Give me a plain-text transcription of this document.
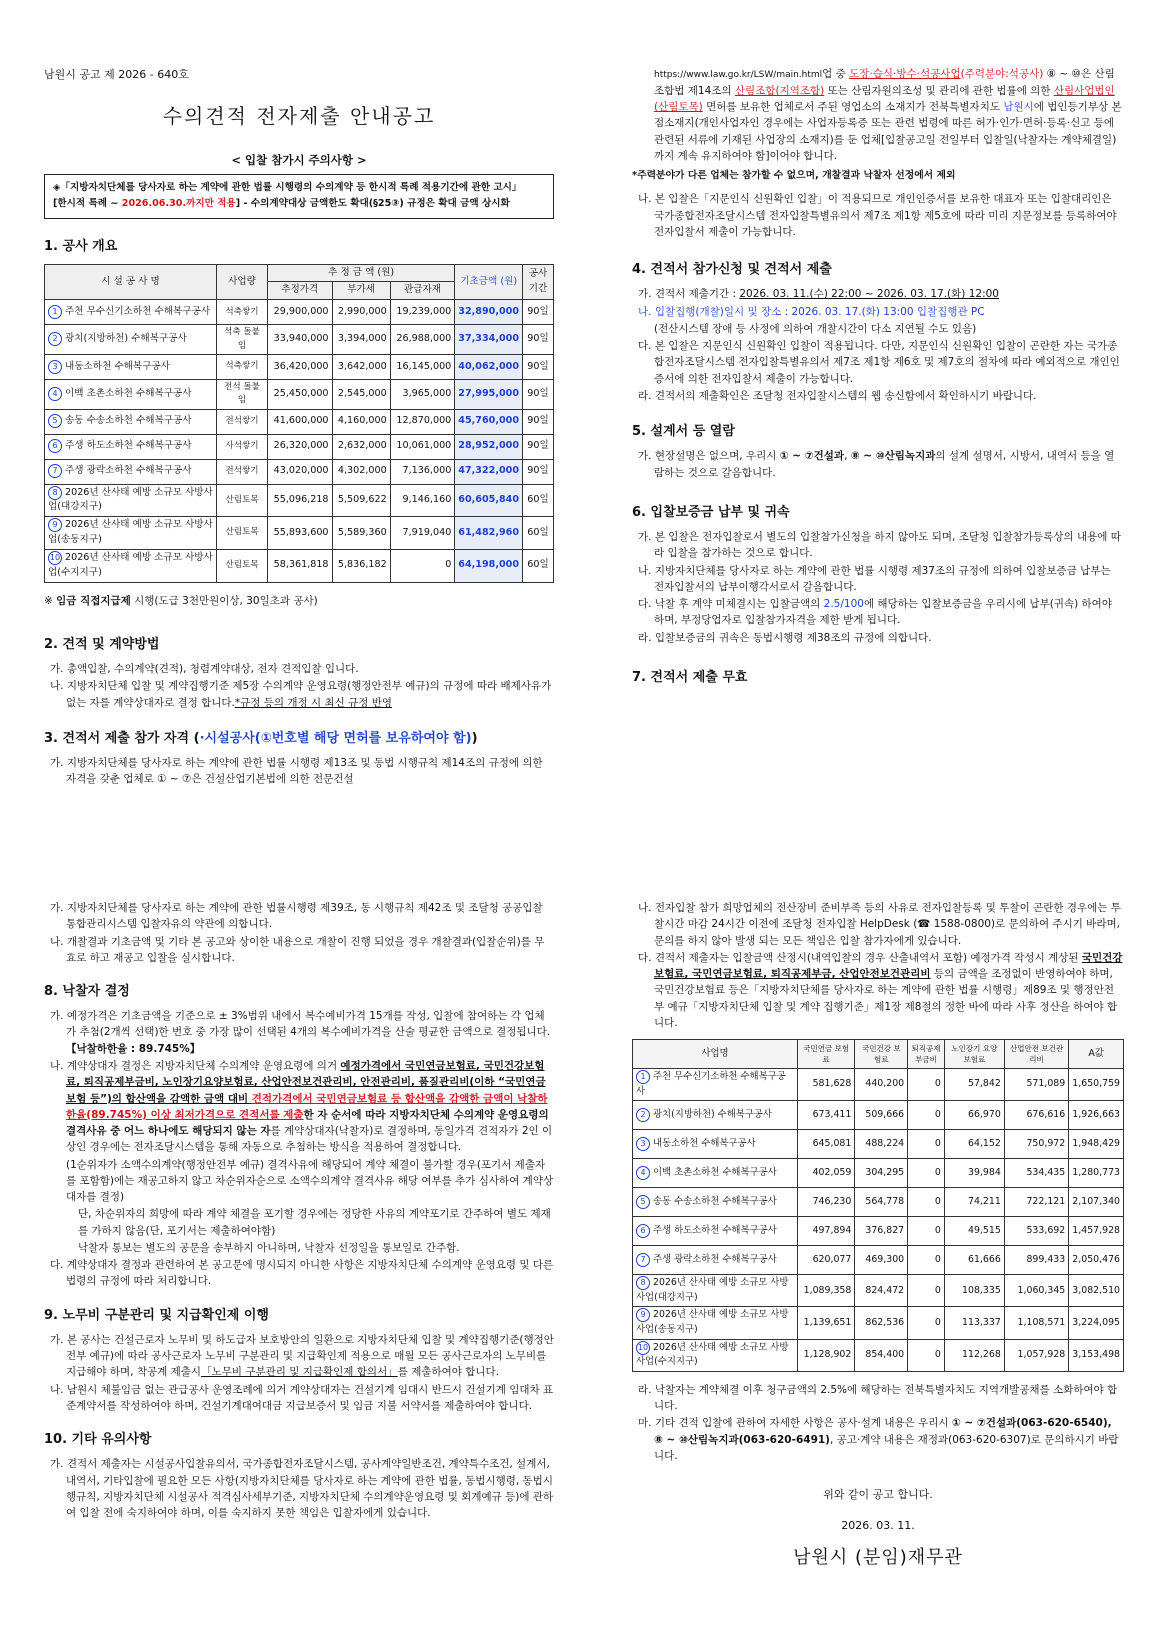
남원시 공고 제 2026 - 640호
수의견적 전자제출 안내공고
< 입찰 참가시 주의사항 >
◈「지방자치단체를 당사자로 하는 계약에 관한 법률 시행령의 수의계약 등 한시적 특례 적용기간에 관한 고시」
[한시적 특례 ~ 2026.06.30.까지만 적용] - 수의계약대상 금액한도 확대(§25③) 규정은 확대 금액 상시화
1. 공사 개요
시 설 공 사 명	사업량	추 정 금 액 (원)			기초금액 (원)	공사 기간
		추정가격	부가세	관급자재		
1 주천 무수신기소하천 수해복구공사	석축쌓기	29,900,000	2,990,000	19,239,000	32,890,000	90일
2 광치(지방하천) 수해복구공사	석축 돌붙임	33,940,000	3,394,000	26,988,000	37,334,000	90일
3 내동소하천 수해복구공사	석축쌓기	36,420,000	3,642,000	16,145,000	40,062,000	90일
4 이백 초촌소하천 수해복구공사	전석 돌붙임	25,450,000	2,545,000	3,965,000	27,995,000	90일
5 송동 수송소하천 수해복구공사	전석쌓기	41,600,000	4,160,000	12,870,000	45,760,000	90일
6 주생 하도소하천 수해복구공사	사석쌓기	26,320,000	2,632,000	10,061,000	28,952,000	90일
7 주생 광락소하천 수해복구공사	전석쌓기	43,020,000	4,302,000	7,136,000	47,322,000	90일
8 2026년 산사태 예방 소규모 사방사업(대강지구)	산림토목	55,096,218	5,509,622	9,146,160	60,605,840	60일
9 2026년 산사태 예방 소규모 사방사업(송동지구)	산림토목	55,893,600	5,589,360	7,919,040	61,482,960	60일
10 2026년 산사태 예방 소규모 사방사업(수지지구)	산림토목	58,361,818	5,836,182	0	64,198,000	60일
※ 임금 직접지급제 시행(도급 3천만원이상, 30일초과 공사)
2. 견적 및 계약방법
가. 총액입찰, 수의계약(견적), 청렴계약대상, 전자 견적입찰 입니다.
나. 지방자치단체 입찰 및 계약집행기준 제5장 수의계약 운영요령(행정안전부 예규)의 규정에 따라 배제사유가 없는 자를 계약상대자로 결정 합니다.*규정 등의 개정 시 최신 규정 반영
3. 견적서 제출 참가 자격 (·시설공사(①번호별 해당 면허를 보유하여야 함))
가. 지방자치단체를 당사자로 하는 계약에 관한 법률 시행령 제13조 및 동법 시행규칙 제14조의 규정에 의한 자격을 갖춘 업체로 ① ~ ⑦은 건설산업기본법에 의한 전문건설
https://www.law.go.kr/LSW/main.html업 중 도장·습식·방수·석공사업(주력분야:석공사) ⑧ ~ ⑩은 산림조합법 제14조의 산림조합(지역조합) 또는 산림자원의조성 및 관리에 관한 법률에 의한 산림사업법인(산림토목) 면허를 보유한 업체로서 주된 영업소의 소재지가 전북특별자치도 남원시에 법인등기부상 본점소재지(개인사업자인 경우에는 사업자등록증 또는 관련 법령에 따른 허가·인가·면허·등록·신고 등에 관련된 서류에 기재된 사업장의 소재지)를 둔 업체[입찰공고일 전일부터 입찰일(낙찰자는 계약체결일)까지 계속 유지하여야 함]이어야 합니다.
*주력분야가 다른 업체는 참가할 수 없으며, 개찰결과 낙찰자 선정에서 제외
나. 본 입찰은「지문인식 신원확인 입찰」이 적용되므로 개인인증서를 보유한 대표자 또는 입찰대리인은 국가종합전자조달시스템 전자입찰특별유의서 제7조 제1항 제5호에 따라 미리 지문정보를 등록하여야 전자입찰서 제출이 가능합니다.
4. 견적서 참가신청 및 견적서 제출
가. 견적서 제출기간 : 2026. 03. 11.(수) 22:00 ~ 2026. 03. 17.(화) 12:00
나. 입찰집행(개찰)일시 및 장소 : 2026. 03. 17.(화) 13:00 입찰집행관 PC
(전산시스템 장애 등 사정에 의하여 개찰시간이 다소 지연될 수도 있음)
다. 본 입찰은 지문인식 신원확인 입찰이 적용됩니다. 다만, 지문인식 신원확인 입찰이 곤란한 자는 국가종합전자조달시스템 전자입찰특별유의서 제7조 제1항 제6호 및 제7호의 절차에 따라 예외적으로 개인인증서에 의한 전자입찰서 제출이 가능합니다.
라. 견적서의 제출확인은 조달청 전자입찰시스템의 웹 송신함에서 확인하시기 바랍니다.
5. 설계서 등 열람
가. 현장설명은 없으며, 우리시 ① ~ ⑦건설과, ⑧ ~ ⑩산림녹지과의 설계 설명서, 시방서, 내역서 등을 열람하는 것으로 갈음합니다.
6. 입찰보증금 납부 및 귀속
가. 본 입찰은 전자입찰로서 별도의 입찰참가신청을 하지 않아도 되며, 조달청 입찰참가등록상의 내용에 따라 입찰을 참가하는 것으로 합니다.
나. 지방자치단체를 당사자로 하는 계약에 관한 법률 시행령 제37조의 규정에 의하여 입찰보증금 납부는 전자입찰서의 납부이행각서로서 갈음합니다.
다. 낙찰 후 계약 미체결시는 입찰금액의 2.5/100에 해당하는 입찰보증금을 우리시에 납부(귀속) 하여야 하며, 부정당업자로 입찰참가자격을 제한 받게 됩니다.
라. 입찰보증금의 귀속은 동법시행령 제38조의 규정에 의합니다.
7. 견적서 제출 무효
가. 지방자치단체를 당사자로 하는 계약에 관한 법률시행령 제39조, 동 시행규칙 제42조 및 조달청 공공입찰 통합관리시스템 입찰자유의 약관에 의합니다.
나. 개찰결과 기초금액 및 기타 본 공고와 상이한 내용으로 개찰이 진행 되었을 경우 개찰결과(입찰순위)를 무효로 하고 재공고 입찰을 실시합니다.
8. 낙찰자 결정
가. 예정가격은 기초금액을 기준으로 ± 3%범위 내에서 복수예비가격 15개를 작성, 입찰에 참여하는 각 업체가 추첨(2개씩 선택)한 번호 중 가장 많이 선택된 4개의 복수예비가격을 산술 평균한 금액으로 결정됩니다.【낙찰하한율 : 89.745%】
나. 계약상대자 결정은 지방자치단체 수의계약 운영요령에 의거 예정가격에서 국민연금보험료, 국민건강보험료, 퇴직공제부금비, 노인장기요양보험료, 산업안전보건관리비, 안전관리비, 품질관리비(이하 “국민연금보험 등”)의 합산액을 감액한 금액 대비 견적가격에서 국민연금보험료 등 합산액을 감액한 금액이 낙찰하한율(89.745%) 이상 최저가격으로 견적서를 제출한 자 순서에 따라 지방자치단체 수의계약 운영요령의 결격사유 중 어느 하나에도 해당되지 않는 자를 계약상대자(낙찰자)로 결정하며, 동일가격 견적자가 2인 이상인 경우에는 전자조달시스템을 통해 자동으로 추첨하는 방식을 적용하여 결정합니다.
(1순위자가 소액수의계약(행정안전부 예규) 결격사유에 해당되어 계약 체결이 불가할 경우(포기서 제출자를 포함함)에는 재공고하지 않고 차순위자순으로 소액수의계약 결격사유 해당 여부를 추가 심사하여 계약상대자를 결정)
단, 차순위자의 희망에 따라 계약 체결을 포기할 경우에는 정당한 사유의 계약포기로 간주하여 별도 제재를 가하지 않음(단, 포기서는 제출하여야함)
낙찰자 통보는 별도의 공문을 송부하지 아니하며, 낙찰자 선정일을 통보일로 간주함.
다. 계약상대자 결정과 관련하여 본 공고문에 명시되지 아니한 사항은 지방자치단체 수의계약 운영요령 및 다른 법령의 규정에 따라 처리합니다.
9. 노무비 구분관리 및 지급확인제 이행
가. 본 공사는 건설근로자 노무비 및 하도급자 보호방안의 일환으로 지방자치단체 입찰 및 계약집행기준(행정안전부 예규)에 따라 공사근로자 노무비 구분관리 및 지급확인제 적용으로 매월 모든 공사근로자의 노무비를 지급해야 하며, 착공계 제출시「노무비 구분관리 및 지급확인제 합의서」를 제출하여야 합니다.
나. 남원시 체불임금 없는 관급공사 운영조례에 의거 계약상대자는 건설기계 임대시 반드시 건설기계 임대차 표준계약서를 작성하여야 하며, 건설기계대여대금 지급보증서 및 임금 지불 서약서를 제출하여야 합니다.
10. 기타 유의사항
가. 견적서 제출자는 시설공사입찰유의서, 국가종합전자조달시스템, 공사계약일반조건, 계약특수조건, 설계서, 내역서, 기타입찰에 필요한 모든 사항(지방자치단체를 당사자로 하는 계약에 관한 법률, 동법시행령, 동법시행규칙, 지방자치단체 시설공사 적격심사세부기준, 지방자치단체 수의계약운영요령 및 회계예규 등)에 관하여 입찰 전에 숙지하여야 하며, 이를 숙지하지 못한 책임은 입찰자에게 있습니다.
나. 전자입찰 참가 희망업체의 전산장비 준비부족 등의 사유로 전자입찰등록 및 투찰이 곤란한 경우에는 투찰시간 마감 24시간 이전에 조달청 전자입찰 HelpDesk (☎ 1588-0800)로 문의하여 주시기 바라며, 문의를 하지 않아 발생 되는 모든 책임은 입찰 참가자에게 있습니다.
다. 견적서 제출자는 입찰금액 산정시(내역입찰의 경우 산출내역서 포함) 예정가격 작성시 계상된 국민건강보험료, 국민연금보험료, 퇴직공제부금, 산업안전보건관리비 등의 금액을 조정없이 반영하여야 하며, 국민건강보험료 등은「지방자치단체를 당사자로 하는 계약에 관한 법률 시행령」제89조 및 행정안전부 예규「지방자치단체 입찰 및 계약 집행기준」제1장 제8절의 정한 바에 따라 사후 정산을 하여야 합니다.
사업명	국민연금 보험료	국민건강 보험료	퇴직공제 부금비	노인장기 요양보험료	산업안전 보건관리비	A값
1 주천 무수신기소하천 수해복구공사	581,628	440,200	0	57,842	571,089	1,650,759
2 광치(지방하천) 수해복구공사	673,411	509,666	0	66,970	676,616	1,926,663
3 내동소하천 수해복구공사	645,081	488,224	0	64,152	750,972	1,948,429
4 이백 초촌소하천 수해복구공사	402,059	304,295	0	39,984	534,435	1,280,773
5 송동 수송소하천 수해복구공사	746,230	564,778	0	74,211	722,121	2,107,340
6 주생 하도소하천 수해복구공사	497,894	376,827	0	49,515	533,692	1,457,928
7 주생 광락소하천 수해복구공사	620,077	469,300	0	61,666	899,433	2,050,476
8 2026년 산사태 예방 소규모 사방사업(대강지구)	1,089,358	824,472	0	108,335	1,060,345	3,082,510
9 2026년 산사태 예방 소규모 사방사업(송동지구)	1,139,651	862,536	0	113,337	1,108,571	3,224,095
10 2026년 산사태 예방 소규모 사방사업(수지지구)	1,128,902	854,400	0	112,268	1,057,928	3,153,498
라. 낙찰자는 계약체결 이후 청구금액의 2.5%에 해당하는 전북특별자치도 지역개발공채를 소화하여야 합니다.
마. 기타 견적 입찰에 관하여 자세한 사항은 공사·설계 내용은 우리시 ① ~ ⑦건설과(063-620-6540), ⑧ ~ ⑩산림녹지과(063-620-6491), 공고·계약 내용은 재정과(063-620-6307)로 문의하시기 바랍니다.
위와 같이 공고 합니다.
2026. 03. 11.
남원시 (분임)재무관
